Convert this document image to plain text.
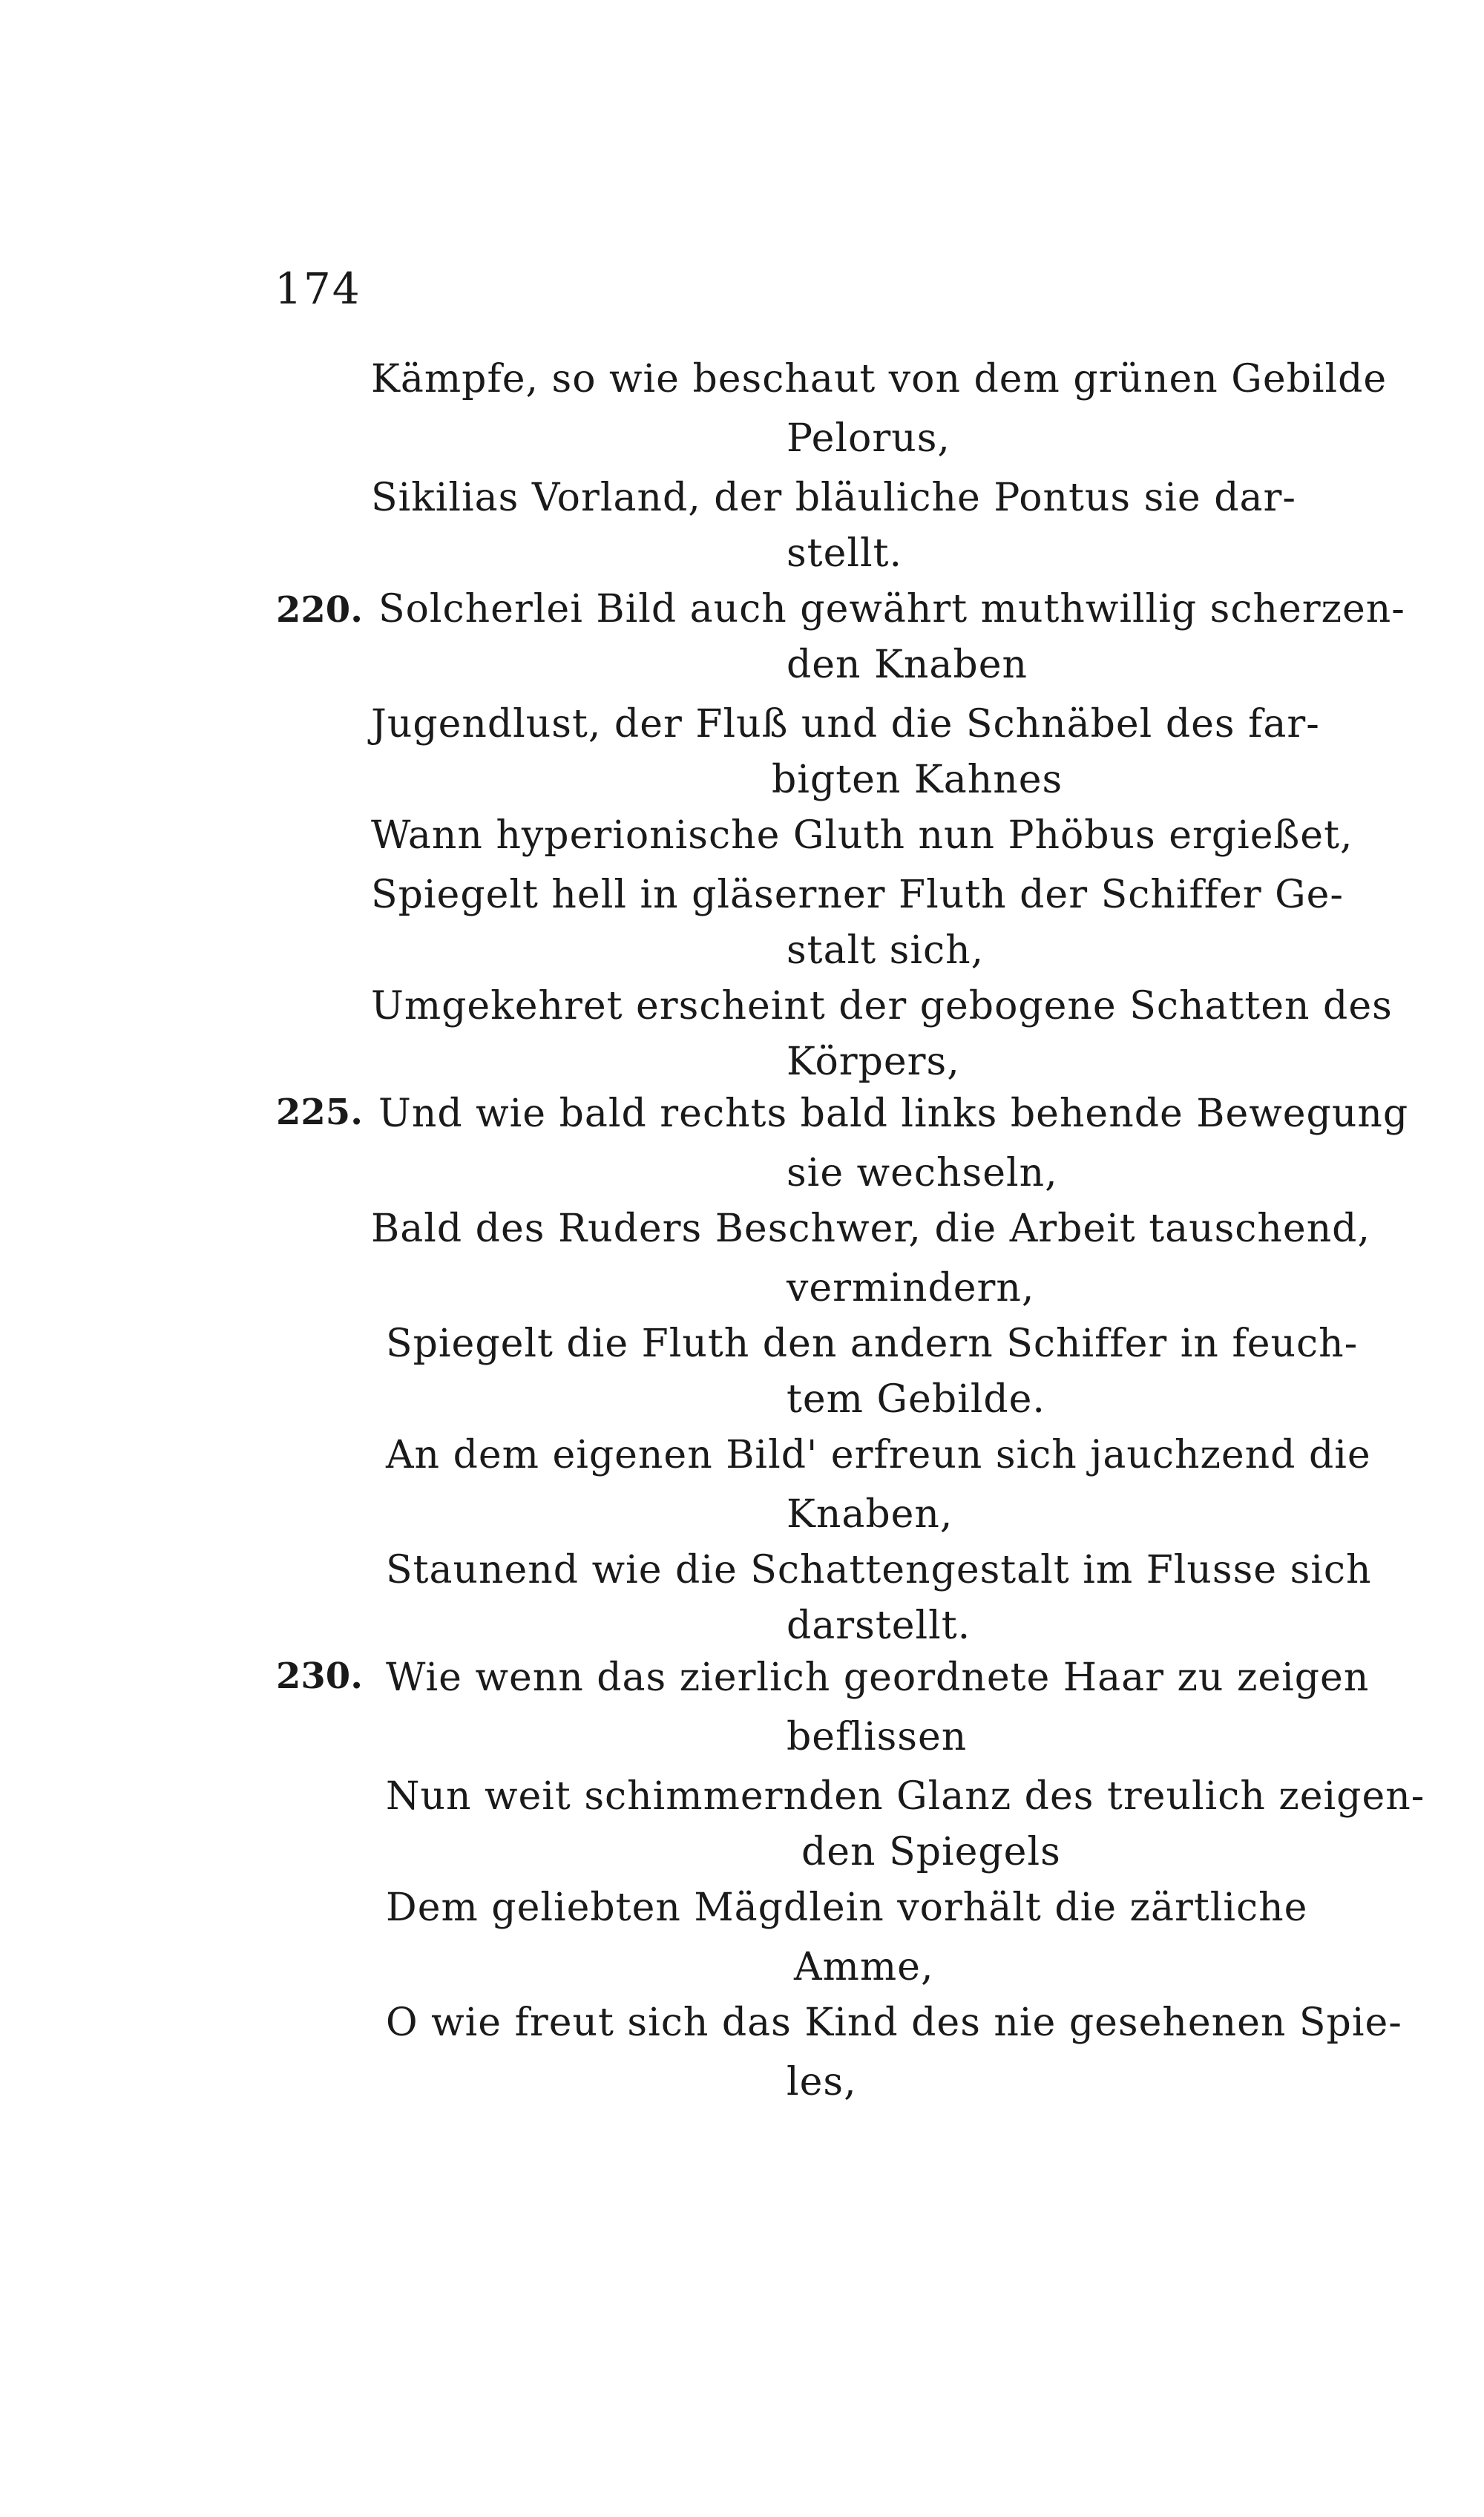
174
220.
225.
230.
Kämpfe, so wie beschaut von dem grünen Gebilde
Pelorus,
Sikilias Vorland, der bläuliche Pontus sie dar-
stellt.
Solcherlei Bild auch gewährt muthwillig scherzen-
den Knaben
Jugendlust, der Fluß und die Schnäbel des far-
bigten Kahnes
Wann hyperionische Gluth nun Phöbus ergießet,
Spiegelt hell in gläserner Fluth der Schiffer Ge-
stalt sich,
Umgekehret erscheint der gebogene Schatten des
Körpers,
Und wie bald rechts bald links behende Bewegung
sie wechseln,
Bald des Ruders Beschwer, die Arbeit tauschend,
vermindern,
Spiegelt die Fluth den andern Schiffer in feuch-
tem Gebilde.
An dem eigenen Bild' erfreun sich jauchzend die
Knaben,
Staunend wie die Schattengestalt im Flusse sich
darstellt.
Wie wenn das zierlich geordnete Haar zu zeigen
beflissen
Nun weit schimmernden Glanz des treulich zeigen-
den Spiegels
Dem geliebten Mägdlein vorhält die zärtliche
Amme,
O wie freut sich das Kind des nie gesehenen Spie-
les,
